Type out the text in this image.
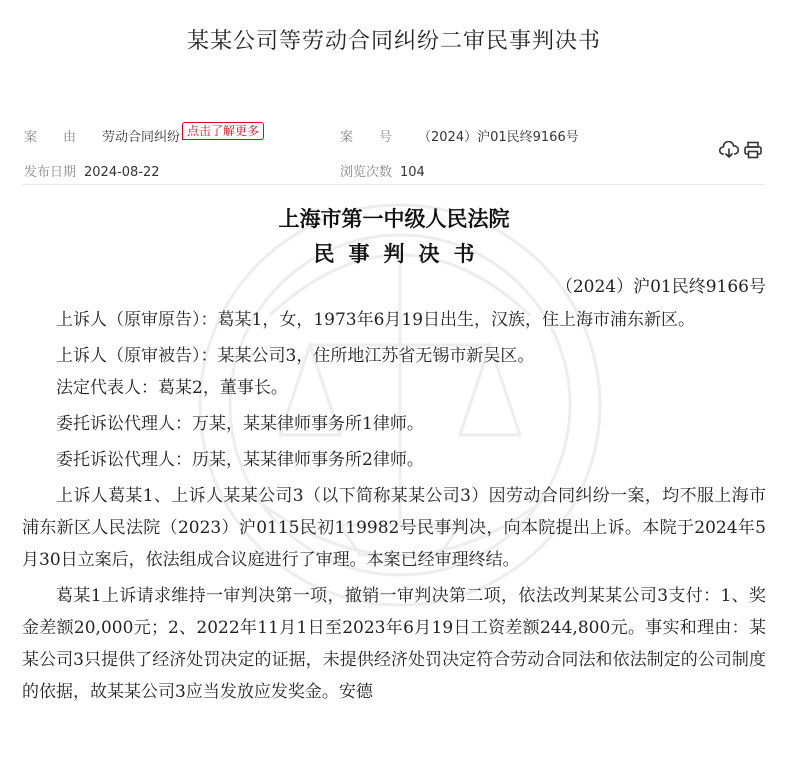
某某公司等劳动合同纠纷二审民事判决书
案由劳动合同纠纷 点击了解更多	案号（2024）沪01民终9166号
发布日期 2024-08-22	浏览次数 104
上海市第一中级人民法院
民事判决书
（2024）沪01民终9166号

上诉人（原审原告）：葛某1，女，1973年6月19日出生，汉族，住上海市浦东新区。

上诉人（原审被告）：某某公司3，住所地江苏省无锡市新吴区。

法定代表人：葛某2，董事长。

委托诉讼代理人：万某，某某律师事务所1律师。

委托诉讼代理人：历某，某某律师事务所2律师。

上诉人葛某1、上诉人某某公司3（以下简称某某公司3）因劳动合同纠纷一案，均不服上海市浦东新区人民法院（2023）沪0115民初119982号民事判决，向本院提出上诉。本院于2024年5月30日立案后，依法组成合议庭进行了审理。本案已经审理终结。

葛某1上诉请求维持一审判决第一项，撤销一审判决第二项，依法改判某某公司3支付：1、奖金差额20,000元；2、2022年11月1日至2023年6月19日工资差额244,800元。事实和理由：某某公司3只提供了经济处罚决定的证据，未提供经济处罚决定符合劳动合同法和依法制定的公司制度的依据，故某某公司3应当发放应发奖金。安德
